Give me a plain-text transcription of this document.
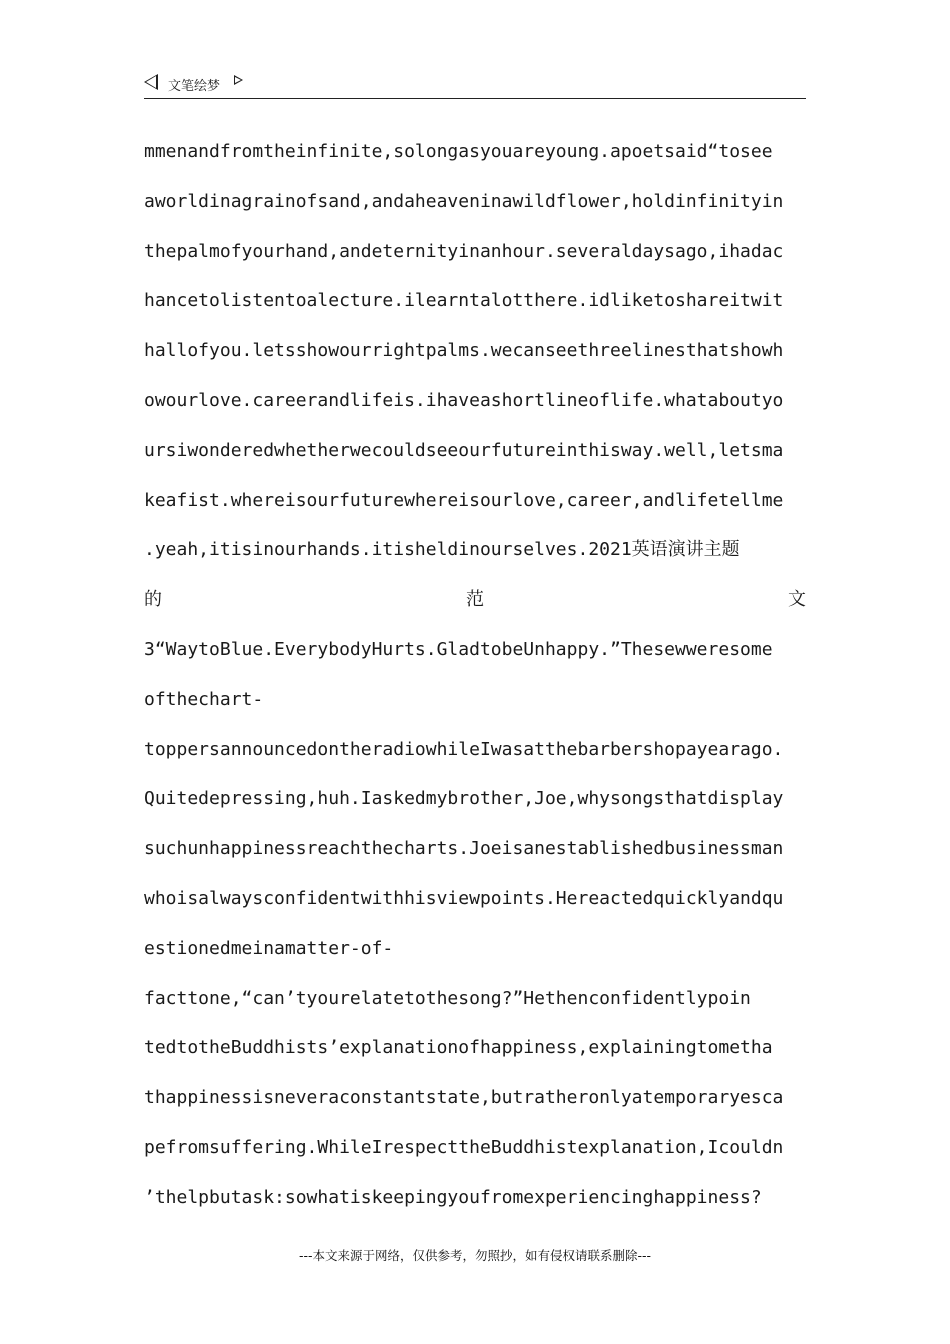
文笔绘梦
mmenandfromtheinfinite,solongasyouareyoung.apoetsaid“tosee
aworldinagrainofsand,andaheaveninawildflower,holdinfinityin
thepalmofyourhand,andeternityinanhour.severaldaysago,ihadac
hancetolistentoalecture.ilearntalotthere.idliketoshareitwit
hallofyou.letsshowourrightpalms.wecanseethreelinesthatshowh
owourlove.careerandlifeis.ihaveashortlineoflife.whataboutyo
ursiwonderedwhetherwecouldseeourfutureinthisway.well,letsma
keafist.whereisourfuturewhereisourlove,career,andlifetellme
.yeah,itisinourhands.itisheldinourselves.2021英语演讲主题
的	范	文
3“WaytoBlue.EverybodyHurts.GladtobeUnhappy.”Thesewweresome
ofthechart-
toppersannouncedontheradiowhileIwasatthebarbershopayearago.
Quitedepressing,huh.Iaskedmybrother,Joe,whysongsthatdisplay
suchunhappinessreachthecharts.Joeisanestablishedbusinessman
whoisalwaysconfidentwithhisviewpoints.Hereactedquicklyandqu
estionedmeinamatter-of-
facttone,“can’tyourelatetothesong?”Hethenconfidentlypoin
tedtotheBuddhists’explanationofhappiness,explainingtometha
thappinessisneveraconstantstate,butratheronlyatemporaryesca
pefromsuffering.WhileIrespecttheBuddhistexplanation,Icouldn
’thelpbutask:sowhatiskeepingyoufromexperiencinghappiness?
---本文来源于网络，仅供参考，勿照抄，如有侵权请联系删除---
